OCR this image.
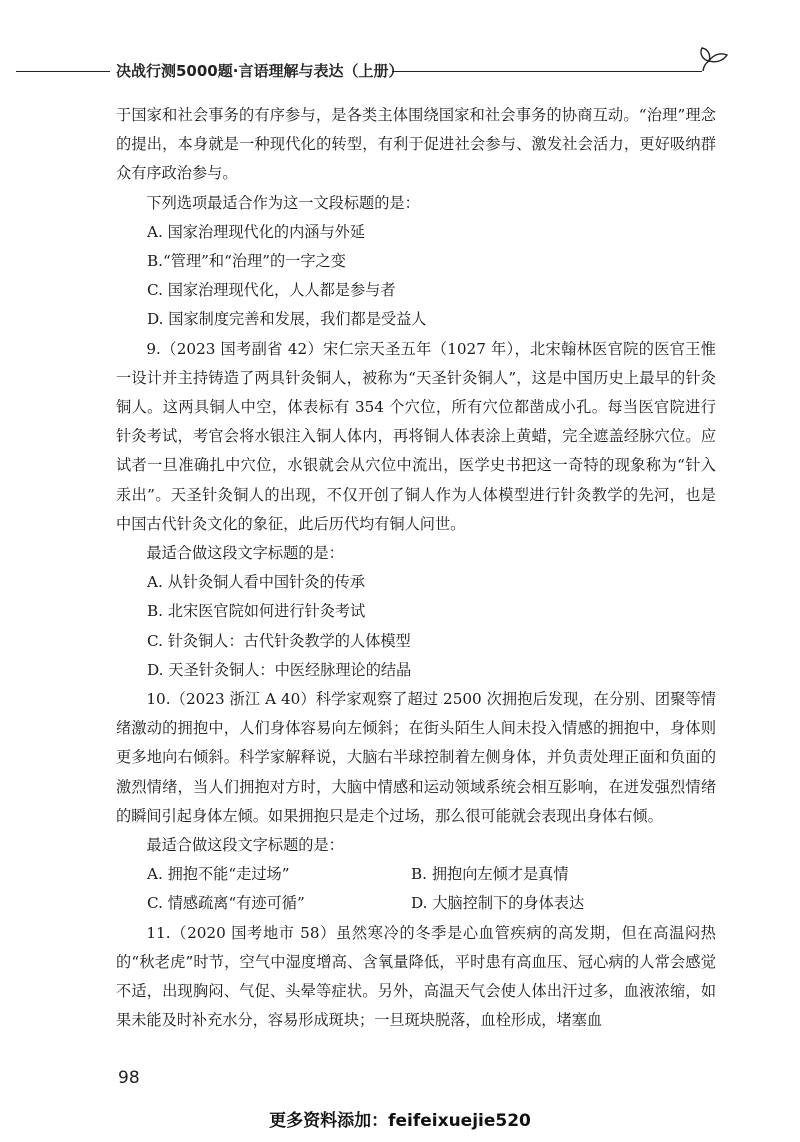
决战行测5000题·言语理解与表达（上册）

于国家和社会事务的有序参与，是各类主体围绕国家和社会事务的协商互动。“治理”理念的提出，本身就是一种现代化的转型，有利于促进社会参与、激发社会活力，更好吸纳群众有序政治参与。

下列选项最适合作为这一文段标题的是：

A. 国家治理现代化的内涵与外延

B.“管理”和“治理”的一字之变

C. 国家治理现代化，人人都是参与者

D. 国家制度完善和发展，我们都是受益人

9.（2023 国考副省 42）宋仁宗天圣五年（1027 年），北宋翰林医官院的医官王惟一设计并主持铸造了两具针灸铜人，被称为“天圣针灸铜人”，这是中国历史上最早的针灸铜人。这两具铜人中空，体表标有 354 个穴位，所有穴位都凿成小孔。每当医官院进行针灸考试，考官会将水银注入铜人体内，再将铜人体表涂上黄蜡，完全遮盖经脉穴位。应试者一旦准确扎中穴位，水银就会从穴位中流出，医学史书把这一奇特的现象称为“针入汞出”。天圣针灸铜人的出现，不仅开创了铜人作为人体模型进行针灸教学的先河，也是中国古代针灸文化的象征，此后历代均有铜人问世。

最适合做这段文字标题的是：

A. 从针灸铜人看中国针灸的传承

B. 北宋医官院如何进行针灸考试

C. 针灸铜人：古代针灸教学的人体模型

D. 天圣针灸铜人：中医经脉理论的结晶

10.（2023 浙江 A 40）科学家观察了超过 2500 次拥抱后发现，在分别、团聚等情绪激动的拥抱中，人们身体容易向左倾斜；在街头陌生人间未投入情感的拥抱中，身体则更多地向右倾斜。科学家解释说，大脑右半球控制着左侧身体，并负责处理正面和负面的激烈情绪，当人们拥抱对方时，大脑中情感和运动领域系统会相互影响，在迸发强烈情绪的瞬间引起身体左倾。如果拥抱只是走个过场，那么很可能就会表现出身体右倾。

最适合做这段文字标题的是：

A. 拥抱不能“走过场”	B. 拥抱向左倾才是真情
C. 情感疏离“有迹可循”	D. 大脑控制下的身体表达

11.（2020 国考地市 58）虽然寒冷的冬季是心血管疾病的高发期，但在高温闷热的“秋老虎”时节，空气中湿度增高、含氧量降低，平时患有高血压、冠心病的人常会感觉不适，出现胸闷、气促、头晕等症状。另外，高温天气会使人体出汗过多，血液浓缩，如果未能及时补充水分，容易形成斑块；一旦斑块脱落，血栓形成，堵塞血

98
更多资料添加：feifeixuejie520
